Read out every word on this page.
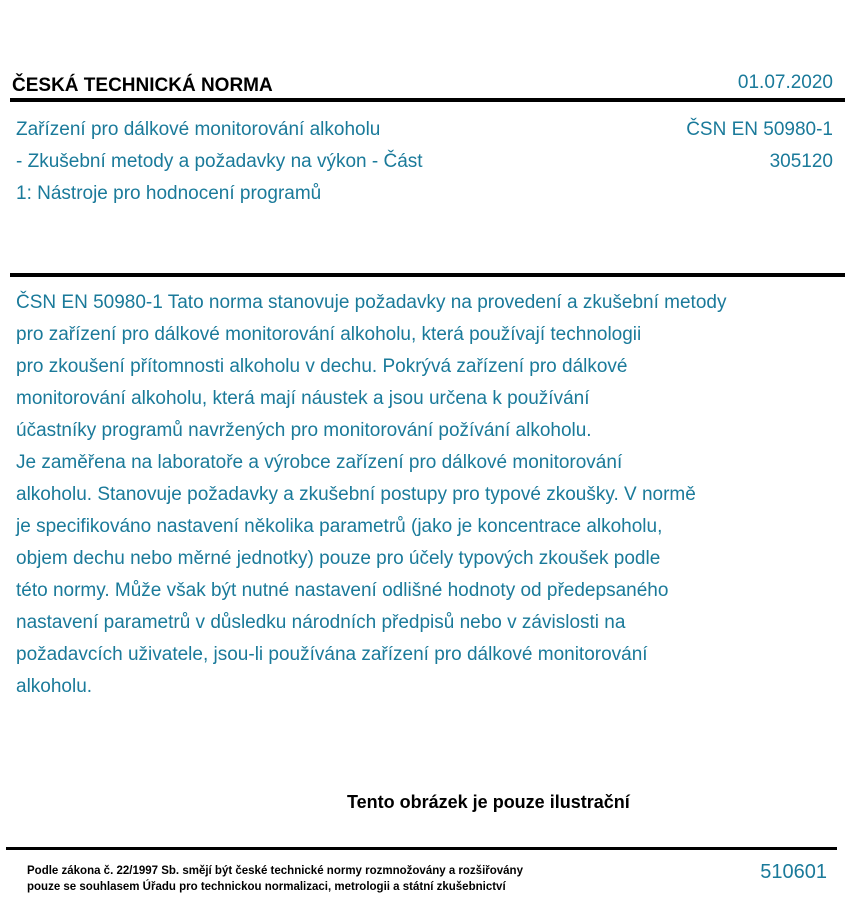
ČESKÁ TECHNICKÁ NORMA	01.07.2020
Zařízení pro dálkové monitorování alkoholu
- Zkušební metody a požadavky na výkon - Část
1: Nástroje pro hodnocení programů
ČSN EN 50980-1
305120
ČSN EN 50980-1 Tato norma stanovuje požadavky na provedení a zkušební metody
pro zařízení pro dálkové monitorování alkoholu, která používají technologii
pro zkoušení přítomnosti alkoholu v dechu. Pokrývá zařízení pro dálkové
monitorování alkoholu, která mají náustek a jsou určena k používání
účastníky programů navržených pro monitorování požívání alkoholu.
Je zaměřena na laboratoře a výrobce zařízení pro dálkové monitorování
alkoholu. Stanovuje požadavky a zkušební postupy pro typové zkoušky. V normě
je specifikováno nastavení několika parametrů (jako je koncentrace alkoholu,
objem dechu nebo měrné jednotky) pouze pro účely typových zkoušek podle
této normy. Může však být nutné nastavení odlišné hodnoty od předepsaného
nastavení parametrů v důsledku národních předpisů nebo v závislosti na
požadavcích uživatele, jsou-li používána zařízení pro dálkové monitorování
alkoholu.
Tento obrázek je pouze ilustrační
Podle zákona č. 22/1997 Sb. smějí být české technické normy rozmnožovány a rozšiřovány
pouze se souhlasem Úřadu pro technickou normalizaci, metrologii a státní zkušebnictví
510601
